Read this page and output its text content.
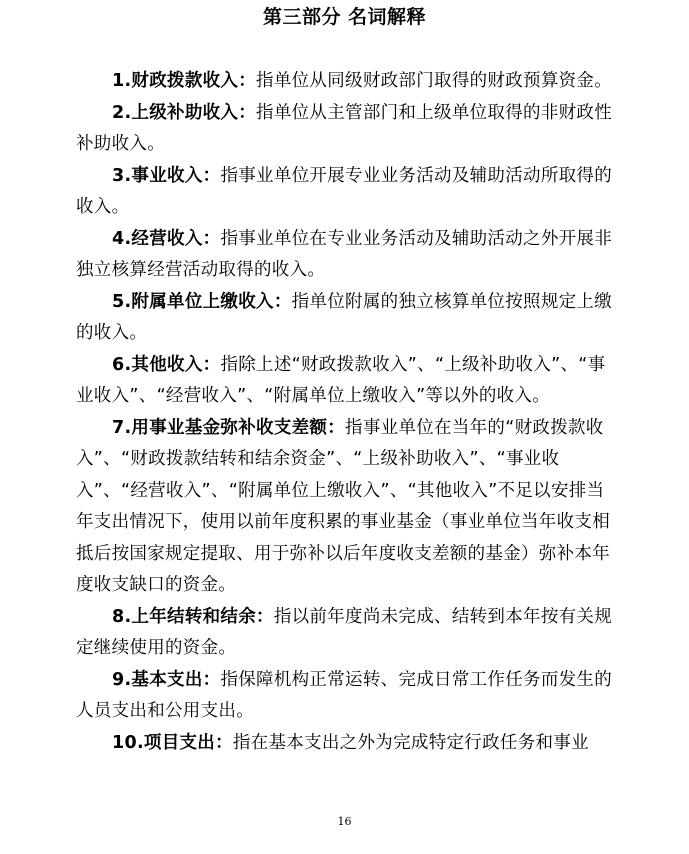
第三部分 名词解释

1.财政拨款收入：指单位从同级财政部门取得的财政预算资金。

2.上级补助收入：指单位从主管部门和上级单位取得的非财政性补助收入。

3.事业收入：指事业单位开展专业业务活动及辅助活动所取得的收入。

4.经营收入：指事业单位在专业业务活动及辅助活动之外开展非独立核算经营活动取得的收入。

5.附属单位上缴收入：指单位附属的独立核算单位按照规定上缴的收入。

6.其他收入：指除上述“财政拨款收入”、“上级补助收入”、“事业收入”、“经营收入”、“附属单位上缴收入”等以外的收入。

7.用事业基金弥补收支差额：指事业单位在当年的“财政拨款收入”、“财政拨款结转和结余资金”、“上级补助收入”、“事业收入”、“经营收入”、“附属单位上缴收入”、“其他收入”不足以安排当年支出情况下，使用以前年度积累的事业基金（事业单位当年收支相抵后按国家规定提取、用于弥补以后年度收支差额的基金）弥补本年度收支缺口的资金。

8.上年结转和结余：指以前年度尚未完成、结转到本年按有关规定继续使用的资金。

9.基本支出：指保障机构正常运转、完成日常工作任务而发生的人员支出和公用支出。

10.项目支出：指在基本支出之外为完成特定行政任务和事业

16
